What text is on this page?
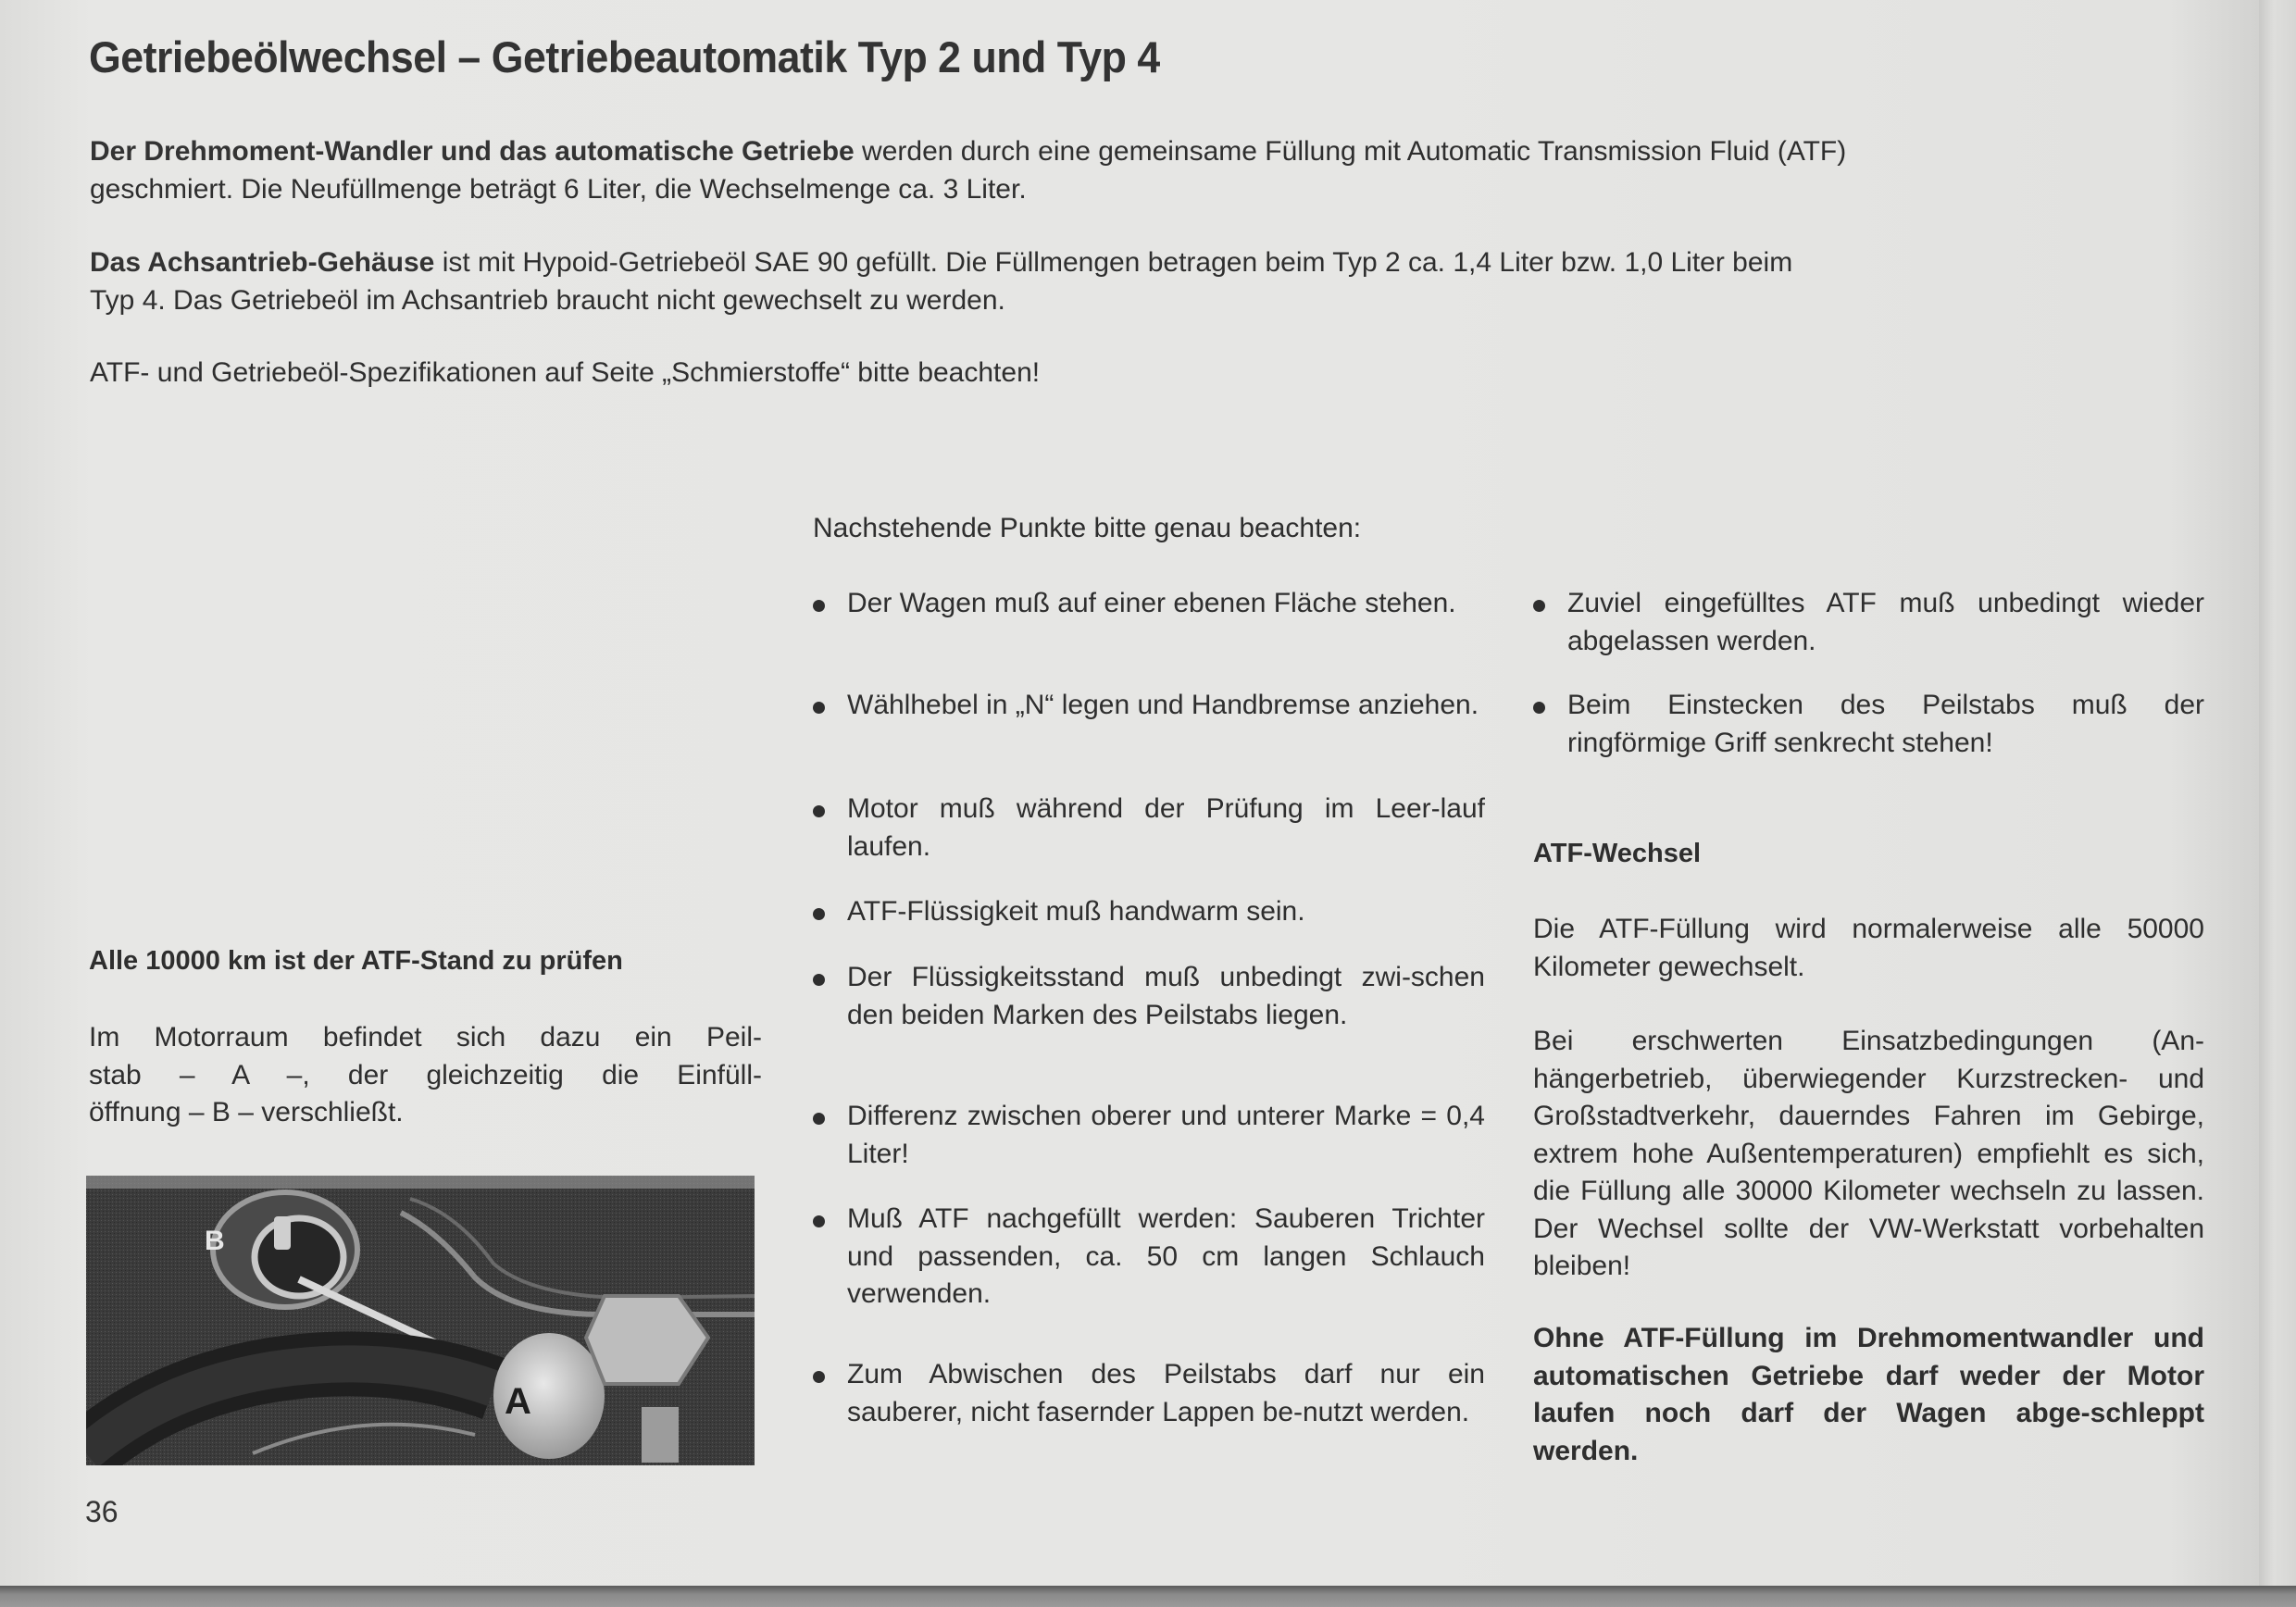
Getriebeölwechsel – Getriebeautomatik Typ 2 und Typ 4
Der Drehmoment-Wandler und das automatische Getriebe werden durch eine gemeinsame Füllung mit Automatic Transmission Fluid (ATF)
geschmiert. Die Neufüllmenge beträgt 6 Liter, die Wechselmenge ca. 3 Liter.
Das Achsantrieb-Gehäuse ist mit Hypoid-Getriebeöl SAE 90 gefüllt. Die Füllmengen betragen beim Typ 2 ca. 1,4 Liter bzw. 1,0 Liter beim
Typ 4. Das Getriebeöl im Achsantrieb braucht nicht gewechselt zu werden.
ATF- und Getriebeöl-Spezifikationen auf Seite „Schmierstoffe“ bitte beachten!
Alle 10000 km ist der ATF-Stand zu prüfen
Im Motorraum befindet sich dazu ein Peil-
stab – A –, der gleichzeitig die Einfüll-
öffnung – B – verschließt.
B
A
Nachstehende Punkte bitte genau beachten:
Der Wagen muß auf einer ebenen Fläche stehen.
Wählhebel in „N“ legen und Handbremse anziehen.
Motor muß während der Prüfung im Leer-lauf laufen.
ATF-Flüssigkeit muß handwarm sein.
Der Flüssigkeitsstand muß unbedingt zwi-schen den beiden Marken des Peilstabs liegen.
Differenz zwischen oberer und unterer Marke = 0,4 Liter!
Muß ATF nachgefüllt werden: Sauberen Trichter und passenden, ca. 50 cm langen Schlauch verwenden.
Zum Abwischen des Peilstabs darf nur ein sauberer, nicht fasernder Lappen be-nutzt werden.
Zuviel eingefülltes ATF muß unbedingt wieder abgelassen werden.
Beim Einstecken des Peilstabs muß der ringförmige Griff senkrecht stehen!
ATF-Wechsel
Die ATF-Füllung wird normalerweise alle 50000 Kilometer gewechselt.
Bei erschwerten Einsatzbedingungen (An-hängerbetrieb, überwiegender Kurzstrecken- und Großstadtverkehr, dauerndes Fahren im Gebirge, extrem hohe Außentemperaturen) empfiehlt es sich, die Füllung alle 30000 Kilometer wechseln zu lassen. Der Wechsel sollte der VW-Werkstatt vorbehalten bleiben!
Ohne ATF-Füllung im Drehmomentwandler und automatischen Getriebe darf weder der Motor laufen noch darf der Wagen abge-schleppt werden.
36
